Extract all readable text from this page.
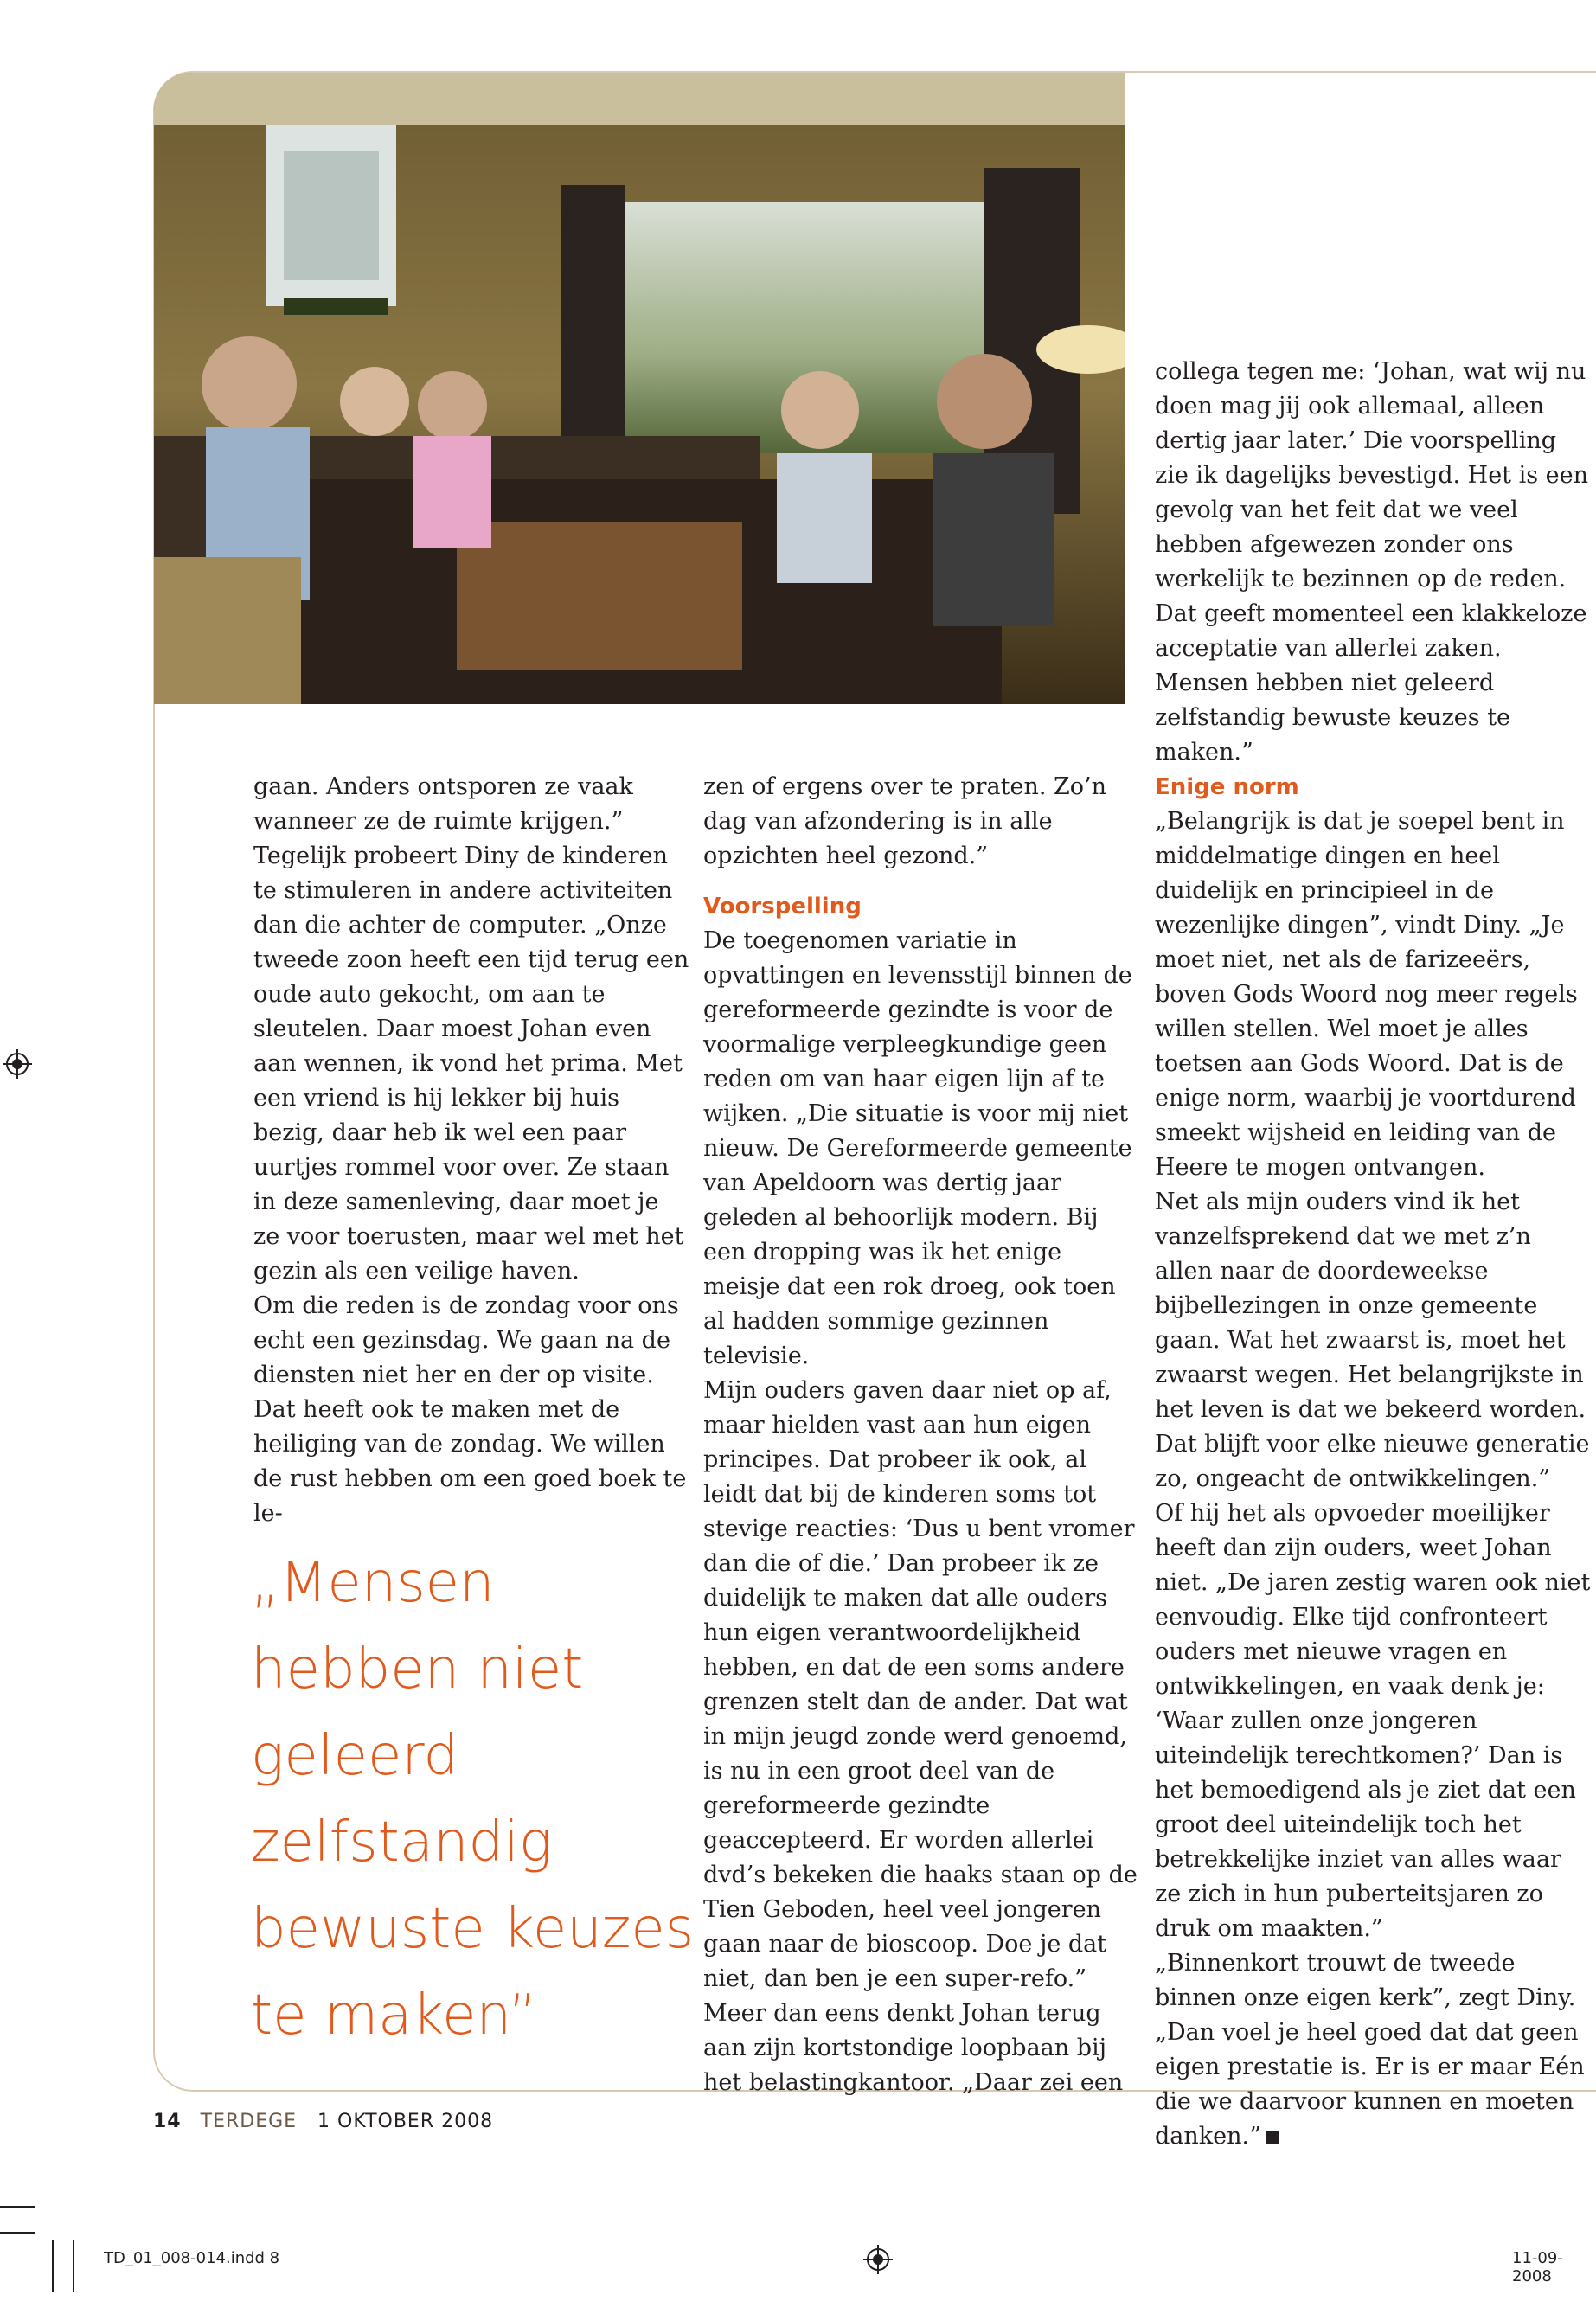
collega tegen me: ‘Johan, wat wij nu doen mag jij ook allemaal, alleen dertig jaar later.’ Die voorspelling zie ik dagelijks bevestigd. Het is een gevolg van het feit dat we veel hebben afgewezen zonder ons werkelijk te bezinnen op de reden. Dat geeft momenteel een klakkeloze acceptatie van allerlei zaken. Mensen hebben niet geleerd zelfstandig bewuste keuzes te maken.”

gaan. Anders ontsporen ze vaak wanneer ze de ruimte krijgen.”

Tegelijk probeert Diny de kinderen te stimuleren in andere activiteiten dan die achter de computer. „Onze tweede zoon heeft een tijd terug een oude auto gekocht, om aan te sleutelen. Daar moest Johan even aan wennen, ik vond het prima. Met een vriend is hij lekker bij huis bezig, daar heb ik wel een paar uurtjes rommel voor over. Ze staan in deze samenleving, daar moet je ze voor toerusten, maar wel met het gezin als een veilige haven.

Om die reden is de zondag voor ons echt een gezinsdag. We gaan na de diensten niet her en der op visite. Dat heeft ook te maken met de heiliging van de zondag. We willen de rust hebben om een goed boek te le-

„Mensen hebben niet geleerd zelfstandig bewuste keuzes te maken”

zen of ergens over te praten. Zo’n dag van afzondering is in alle opzichten heel gezond.”

Voorspelling

De toegenomen variatie in opvattingen en levensstijl binnen de gereformeerde gezindte is voor de voormalige verpleegkundige geen reden om van haar eigen lijn af te wijken. „Die situatie is voor mij niet nieuw. De Gereformeerde gemeente van Apeldoorn was dertig jaar geleden al behoorlijk modern. Bij een dropping was ik het enige meisje dat een rok droeg, ook toen al hadden sommige gezinnen televisie.

Mijn ouders gaven daar niet op af, maar hielden vast aan hun eigen principes. Dat probeer ik ook, al leidt dat bij de kinderen soms tot stevige reacties: ‘Dus u bent vromer dan die of die.’ Dan probeer ik ze duidelijk te maken dat alle ouders hun eigen verantwoordelijkheid hebben, en dat de een soms andere grenzen stelt dan de ander. Dat wat in mijn jeugd zonde werd genoemd, is nu in een groot deel van de gereformeerde gezindte geaccepteerd. Er worden allerlei dvd’s bekeken die haaks staan op de Tien Geboden, heel veel jongeren gaan naar de bioscoop. Doe je dat niet, dan ben je een super-refo.”

Meer dan eens denkt Johan terug aan zijn kortstondige loopbaan bij het belastingkantoor. „Daar zei een

Enige norm

„Belangrijk is dat je soepel bent in middelmatige dingen en heel duidelijk en principieel in de wezenlijke dingen”, vindt Diny. „Je moet niet, net als de farizeeërs, boven Gods Woord nog meer regels willen stellen. Wel moet je alles toetsen aan Gods Woord. Dat is de enige norm, waarbij je voortdurend smeekt wijsheid en leiding van de Heere te mogen ontvangen.

Net als mijn ouders vind ik het vanzelfsprekend dat we met z’n allen naar de doordeweekse bijbellezingen in onze gemeente gaan. Wat het zwaarst is, moet het zwaarst wegen. Het belangrijkste in het leven is dat we bekeerd worden. Dat blijft voor elke nieuwe generatie zo, ongeacht de ontwikkelingen.”

Of hij het als opvoeder moeilijker heeft dan zijn ouders, weet Johan niet. „De jaren zestig waren ook niet eenvoudig. Elke tijd confronteert ouders met nieuwe vragen en ontwikkelingen, en vaak denk je: ‘Waar zullen onze jongeren uiteindelijk terechtkomen?’ Dan is het bemoedigend als je ziet dat een groot deel uiteindelijk toch het betrekkelijke inziet van alles waar ze zich in hun puberteitsjaren zo druk om maakten.”

„Binnenkort trouwt de tweede binnen onze eigen kerk”, zegt Diny. „Dan voel je heel goed dat dat geen eigen prestatie is. Er is er maar Eén die we daarvoor kunnen en moeten danken.”

14 TERDEGE 1 OKTOBER 2008
TD_01_008-014.indd 8	11-09-2008
